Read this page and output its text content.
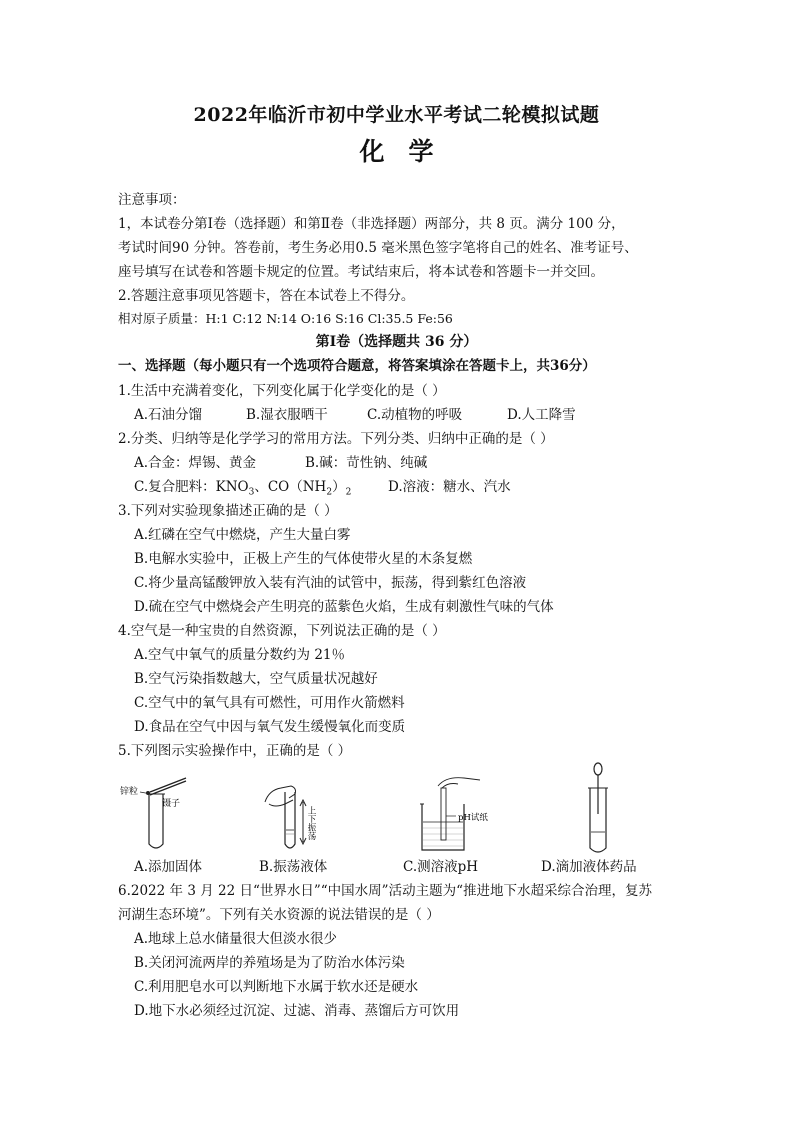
2022年临沂市初中学业水平考试二轮模拟试题
化学
注意事项：
1，本试卷分第Ⅰ卷（选择题）和第Ⅱ卷（非选择题）两部分，共 8 页。满分 100 分，
考试时间90 分钟。答卷前，考生务必用0.5 毫米黑色签字笔将自己的姓名、准考证号、
座号填写在试卷和答题卡规定的位置。考试结束后，将本试卷和答题卡一并交回。
2.答题注意事项见答题卡，答在本试卷上不得分。
相对原子质量：H:1 C:12 N:14 O:16 S:16 Cl:35.5 Fe:56
第Ⅰ卷（选择题共 36 分）
一、选择题（每小题只有一个选项符合题意，将答案填涂在答题卡上，共36分）
1.生活中充满着变化，下列变化属于化学变化的是（ ）
A.石油分馏	B.湿衣服晒干	C.动植物的呼吸	D.人工降雪
2.分类、归纳等是化学学习的常用方法。下列分类、归纳中正确的是（ ）
A.合金：焊锡、黄金	B.碱：苛性钠、纯碱
C.复合肥料：$KNO_3$、$CO(NH_2)_2$	D.溶液：糖水、汽水
3.下列对实验现象描述正确的是（ ）
A.红磷在空气中燃烧，产生大量白雾
B.电解水实验中，正极上产生的气体使带火星的木条复燃
C.将少量高锰酸钾放入装有汽油的试管中，振荡，得到紫红色溶液
D.硫在空气中燃烧会产生明亮的蓝紫色火焰，生成有刺激性气味的气体
4.空气是一种宝贵的自然资源，下列说法正确的是（ ）
A.空气中氧气的质量分数约为 21％
B.空气污染指数越大，空气质量状况越好
C.空气中的氧气具有可燃性，可用作火箭燃料
D.食品在空气中因与氧气发生缓慢氧化而变质
5.下列图示实验操作中，正确的是（ ）
锌粒
镊子
上下振荡	pH试纸
A.添加固体	B.振荡液体	C.测溶液pH	D.滴加液体药品
6.2022 年 3 月 22 日“世界水日”“中国水周”活动主题为“推进地下水超采综合治理，复苏
河湖生态环境”。下列有关水资源的说法错误的是（ ）
A.地球上总水储量很大但淡水很少
B.关闭河流两岸的养殖场是为了防治水体污染
C.利用肥皂水可以判断地下水属于软水还是硬水
D.地下水必须经过沉淀、过滤、消毒、蒸馏后方可饮用
